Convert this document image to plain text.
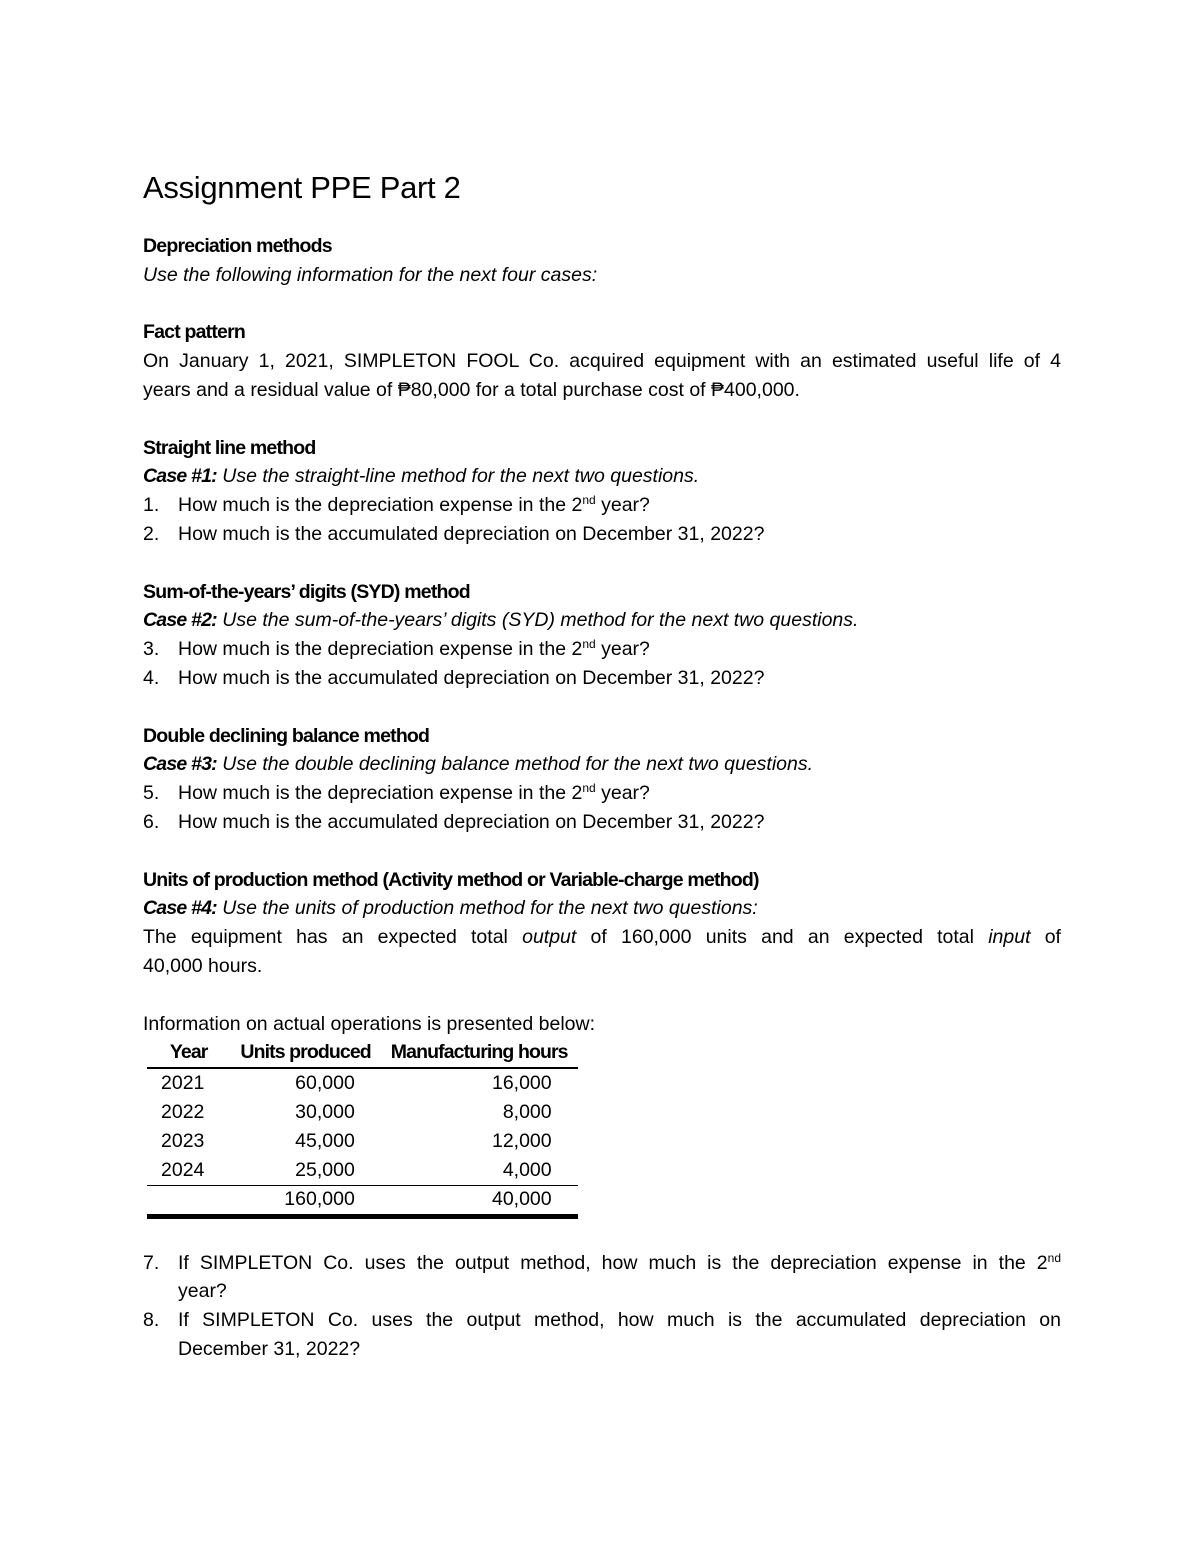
Assignment PPE Part 2

Depreciation methods

Use the following information for the next four cases:

Fact pattern

On January 1, 2021, SIMPLETON FOOL Co. acquired equipment with an estimated useful life of 4

years and a residual value of ₱80,000 for a total purchase cost of ₱400,000.

Straight line method

Case #1: Use the straight-line method for the next two questions.

1. How much is the depreciation expense in the 2nd year?

2. How much is the accumulated depreciation on December 31, 2022?

Sum-of-the-years’ digits (SYD) method

Case #2: Use the sum-of-the-years’ digits (SYD) method for the next two questions.

3. How much is the depreciation expense in the 2nd year?

4. How much is the accumulated depreciation on December 31, 2022?

Double declining balance method

Case #3: Use the double declining balance method for the next two questions.

5. How much is the depreciation expense in the 2nd year?

6. How much is the accumulated depreciation on December 31, 2022?

Units of production method (Activity method or Variable-charge method)

Case #4: Use the units of production method for the next two questions:

The equipment has an expected total output of 160,000 units and an expected total input of

40,000 hours.

Information on actual operations is presented below:

Year	Units produced	Manufacturing hours
2021	60,000	16,000
2022	30,000	8,000
2023	45,000	12,000
2024	25,000	4,000
	160,000	40,000

7. If SIMPLETON Co. uses the output method, how much is the depreciation expense in the 2nd

year?

8. If SIMPLETON Co. uses the output method, how much is the accumulated depreciation on

December 31, 2022?
